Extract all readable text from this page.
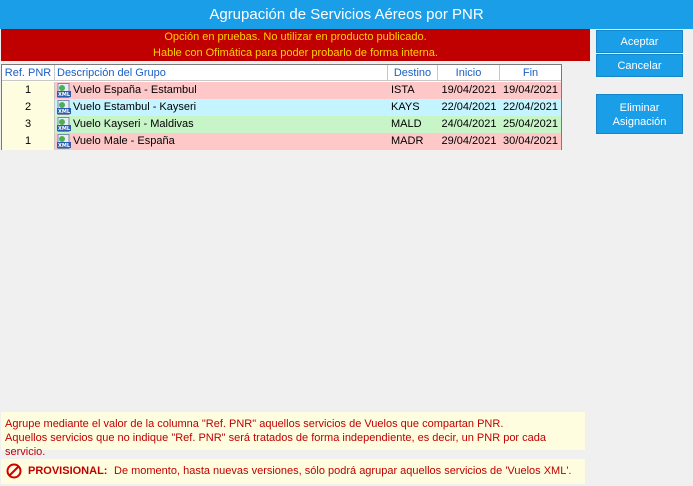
Agrupación de Servicios Aéreos por PNR
Opción en pruebas. No utilizar en producto publicado.
Hable con Ofimática para poder probarlo de forma interna.
Ref. PNR Descripción del Grupo	Destino	Inicio	Fin
1	XML Vuelo España - Estambul	ISTA	19/04/2021 19/04/2021
2	XML Vuelo Estambul - Kayseri	KAYS	22/04/2021 22/04/2021
3	XML Vuelo Kayseri - Maldivas	MALD	24/04/2021 25/04/2021
1	XML Vuelo Male - España	MADR	29/04/2021 30/04/2021
Aceptar
Cancelar
Eliminar
Asignación
Agrupe mediante el valor de la columna "Ref. PNR" aquellos servicios de Vuelos que compartan PNR.
Aquellos servicios que no indique "Ref. PNR" será tratados de forma independiente, es decir, un PNR por cada servicio.
PROVISIONAL: De momento, hasta nuevas versiones, sólo podrá agrupar aquellos servicios de 'Vuelos XML'.
